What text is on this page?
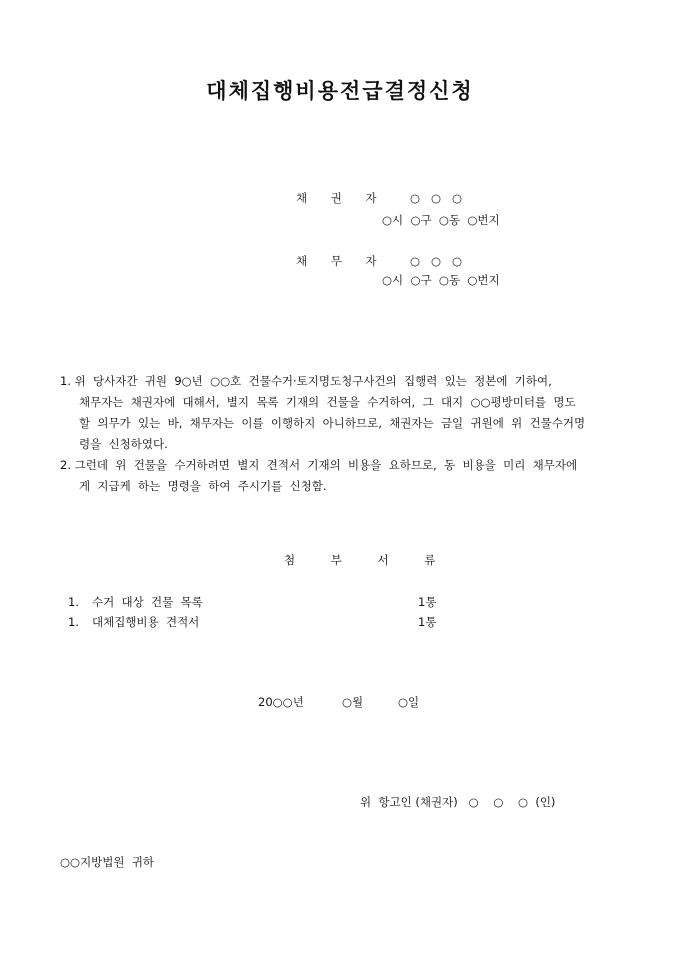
대체집행비용전급결정신청
채 권 자 ○   ○   ○
○시  ○구  ○동  ○번지
채 무 자 ○   ○   ○
○시  ○구  ○동  ○번지
1. 위  당사자간  귀원  9○년  ○○호  건물수거·토지명도청구사건의  집행력  있는  정본에  기하여,
채무자는  채권자에  대해서,  별지  목록  기재의  건물을  수거하여,  그  대지  ○○평방미터를  명도
할  의무가  있는  바,  채무자는  이를  이행하지  아니하므로,  채권자는  금일  귀원에  위  건물수거명
령을  신청하였다.
2. 그런데  위  건물을  수거하려면  별지  견적서  기재의  비용을  요하므로,  동  비용을  미리  채무자에
게  지급케  하는  명령을  하여  주시기를  신청함.
첨 부 서 류
1. 수거  대상  건물  목록	1통
1. 대체집행비용  견적서	1통
20○○년	○월	○일
위  항고인 (채권자)   ○    ○    ○  (인)
○○지방법원  귀하
